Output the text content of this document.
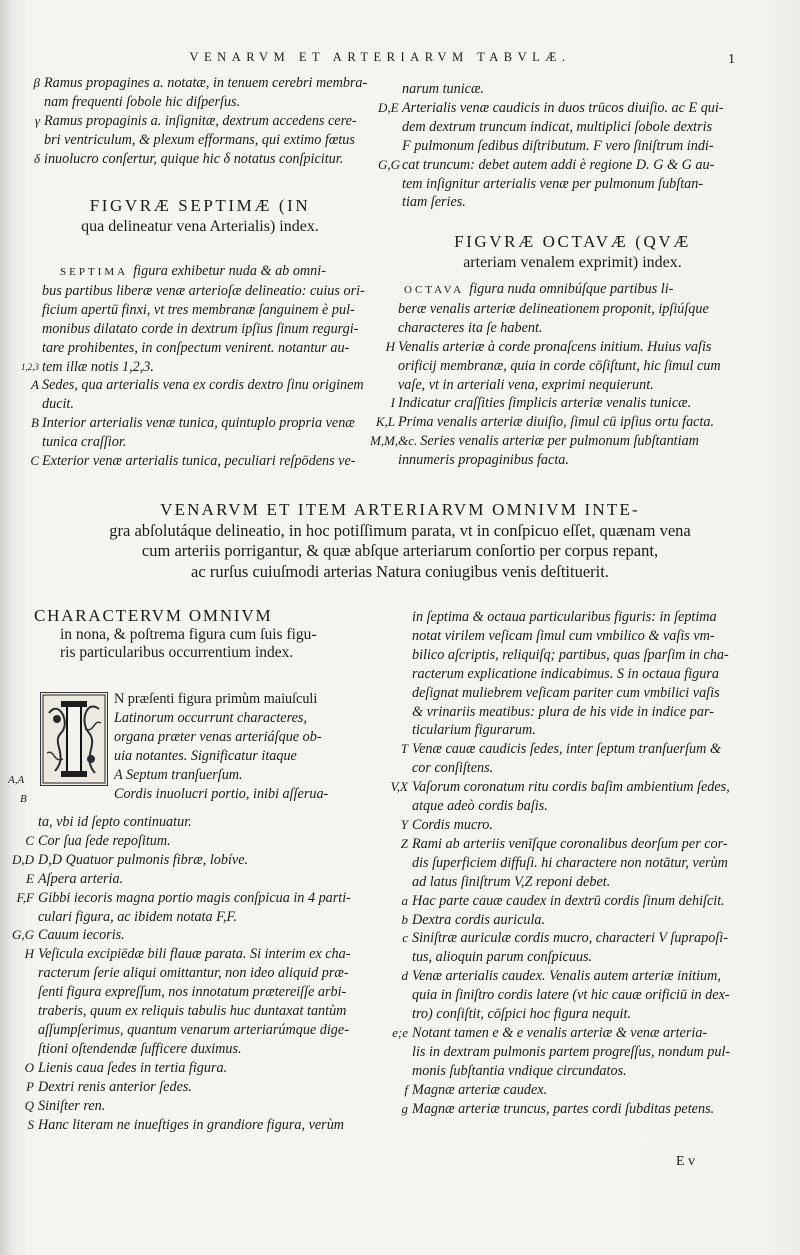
VENARVM ET ARTERIARVM TABVLÆ.	1
β Ramus propagines a. notatæ, in tenuem cerebri membra-
nam frequenti ſobole hic diſperſus.
γ Ramus propaginis a. inſignitæ, dextrum accedens cere-
bri ventriculum, & plexum efformans, qui extimo fœtus
δ inuolucro conſertur, quique hic δ notatus conſpicitur.
narum tunicæ.
D,E Arterialis venæ caudicis in duos trūcos diuiſio. ac E qui-
dem dextrum truncum indicat, multiplici ſobole dextris
F pulmonum ſedibus diſtributum. F vero ſiniſtrum indi-
G,G cat truncum: debet autem addi è regione D. G & G au-
tem inſignitur arterialis venæ per pulmonum ſubſtan-
tiam ſeries.
FIGVRÆ SEPTIMÆ (IN
qua delineatur vena Arterialis) index.
SEPTIMA figura exhibetur nuda & ab omni-
bus partibus liberæ venæ arterioſæ delineatio: cuius ori-
ficium apertū finxi, vt tres membranæ ſanguinem è pul-
monibus dilatato corde in dextrum ipſius ſinum regurgi-
tare prohibentes, in conſpectum venirent. notantur au-
1,2,3 tem illæ notis 1,2,3.
A Sedes, qua arterialis vena ex cordis dextro ſinu originem
ducit.
B Interior arterialis venæ tunica, quintuplo propria venæ
tunica craſſior.
C Exterior venæ arterialis tunica, peculiari reſpōdens ve-
FIGVRÆ OCTAVÆ (QVÆ
arteriam venalem exprimit) index.
OCTAVA figura nuda omnibúſque partibus li-
beræ venalis arteriæ delineationem proponit, ipſiúſque
characteres ita ſe habent.
H Venalis arteriæ à corde pronaſcens initium. Huius vaſis
orificij membranæ, quia in corde cōſiſtunt, hic ſimul cum
vaſe, vt in arteriali vena, exprimi nequierunt.
I Indicatur craſſities ſimplicis arteriæ venalis tunicæ.
K,L Prima venalis arteriæ diuiſio, ſimul cū ipſius ortu facta.
M,M,&c. Series venalis arteriæ per pulmonum ſubſtantiam
innumeris propaginibus facta.
VENARVM ET ITEM ARTERIARVM OMNIVM INTE-
gra abſolutáque delineatio, in hoc potiſſimum parata, vt in conſpicuo eſſet, quænam vena
cum arteriis porrigantur, & quæ abſque arteriarum conſortio per corpus repant,
ac rurſus cuiuſmodi arterias Natura coniugibus venis deſtituerit.
CHARACTERVM OMNIVM
in nona, & poſtrema figura cum ſuis figu-
ris particularibus occurrentium index.
N præſenti figura primùm maiuſculi
Latinorum occurrunt characteres,
organa præter venas arteriáſque ob-
uia notantes. Significatur itaque
A Septum tranſuerſum.
Cordis inuolucri portio, inibi aſſerua-
A,A
B
ta, vbi id ſepto continuatur.
C Cor ſua ſede repoſitum.
D,D D,D Quatuor pulmonis fibræ, lobíve.
E Aſpera arteria.
F,F Gibbi iecoris magna portio magis conſpicua in 4 parti-
culari figura, ac ibidem notata F,F.
G,G Cauum iecoris.
H Veſicula excipiēdæ bili flauæ parata. Si interim ex cha-
racterum ſerie aliqui omittantur, non ideo aliquid præ-
ſenti figura expreſſum, nos innotatum prætereiſſe arbi-
traberis, quum ex reliquis tabulis huc duntaxat tantùm
aſſumpſerimus, quantum venarum arteriarúmque dige-
ſtioni oſtendendæ ſufficere duximus.
O Lienis caua ſedes in tertia figura.
P Dextri renis anterior ſedes.
Q Siniſter ren.
S Hanc literam ne inueſtiges in grandiore figura, verùm
in ſeptima & octaua particularibus figuris: in ſeptima
notat virilem veſicam ſimul cum vmbilico & vaſis vm-
bilico aſcriptis, reliquiſq; partibus, quas ſparſim in cha-
racterum explicatione indicabimus. S in octaua figura
deſignat muliebrem veſicam pariter cum vmbilici vaſis
& vrinariis meatibus: plura de his vide in indice par-
ticularium figurarum.
T Venæ cauæ caudicis ſedes, inter ſeptum tranſuerſum &
cor conſiſtens.
V,X Vaſorum coronatum ritu cordis baſim ambientium ſedes,
atque adeò cordis baſis.
Y Cordis mucro.
Z Rami ab arteriis venīſque coronalibus deorſum per cor-
dis ſuperficiem diffuſi. hi charactere non notātur, verùm
ad latus ſiniſtrum V,Z reponi debet.
a Hac parte cauæ caudex in dextrū cordis ſinum dehiſcit.
b Dextra cordis auricula.
c Siniſtræ auriculæ cordis mucro, characteri V ſuprapoſi-
tus, alioquin parum conſpicuus.
d Venæ arterialis caudex. Venalis autem arteriæ initium,
quia in ſiniſtro cordis latere (vt hic cauæ orificiū in dex-
tro) conſiſtit, cōſpici hoc figura nequit.
e;e Notant tamen e & e venalis arteriæ & venæ arteria-
lis in dextram pulmonis partem progreſſus, nondum pul-
monis ſubſtantia vndique circundatos.
f Magnæ arteriæ caudex.
g Magnæ arteriæ truncus, partes cordi ſubditas petens.
E v
